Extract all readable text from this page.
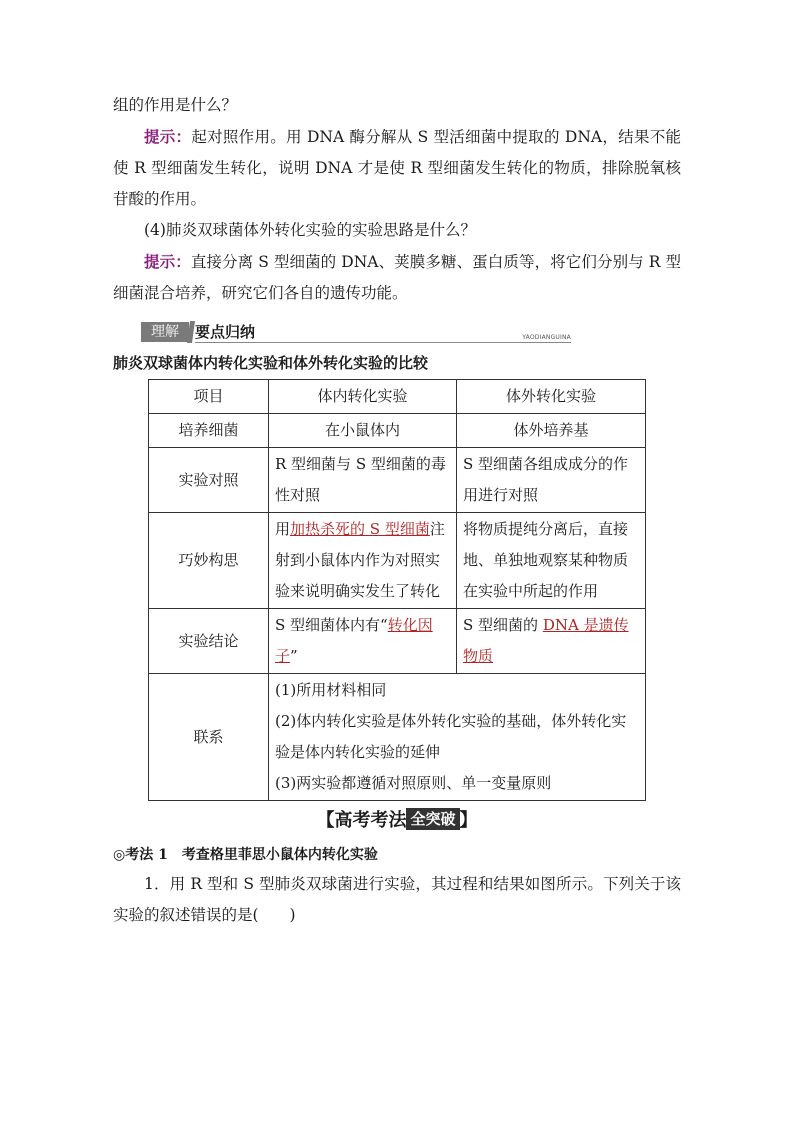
组的作用是什么？

提示：起对照作用。用 DNA 酶分解从 S 型活细菌中提取的 DNA，结果不能使 R 型细菌发生转化，说明 DNA 才是使 R 型细菌发生转化的物质，排除脱氧核苷酸的作用。

(4)肺炎双球菌体外转化实验的实验思路是什么？

提示：直接分离 S 型细菌的 DNA、荚膜多糖、蛋白质等，将它们分别与 R 型细菌混合培养，研究它们各自的遗传功能。

理解	要点归纳	YAODIANGUINA

肺炎双球菌体内转化实验和体外转化实验的比较

项目	体内转化实验	体外转化实验
培养细菌	在小鼠体内	体外培养基
实验对照	R 型细菌与 S 型细菌的毒性对照	S 型细菌各组成成分的作用进行对照
巧妙构思	用加热杀死的 S 型细菌注射到小鼠体内作为对照实验来说明确实发生了转化	将物质提纯分离后，直接地、单独地观察某种物质在实验中所起的作用
实验结论	S 型细菌体内有“转化因子”	S 型细菌的 DNA 是遗传物质
联系	(1)所用材料相同
(2)体内转化实验是体外转化实验的基础，体外转化实验是体内转化实验的延伸
(3)两实验都遵循对照原则、单一变量原则	
【高考考法 全突破
QUANTUPO
】

◎考法 1　考查格里菲思小鼠体内转化实验

1．用 R 型和 S 型肺炎双球菌进行实验，其过程和结果如图所示。下列关于该实验的叙述错误的是(　　)
